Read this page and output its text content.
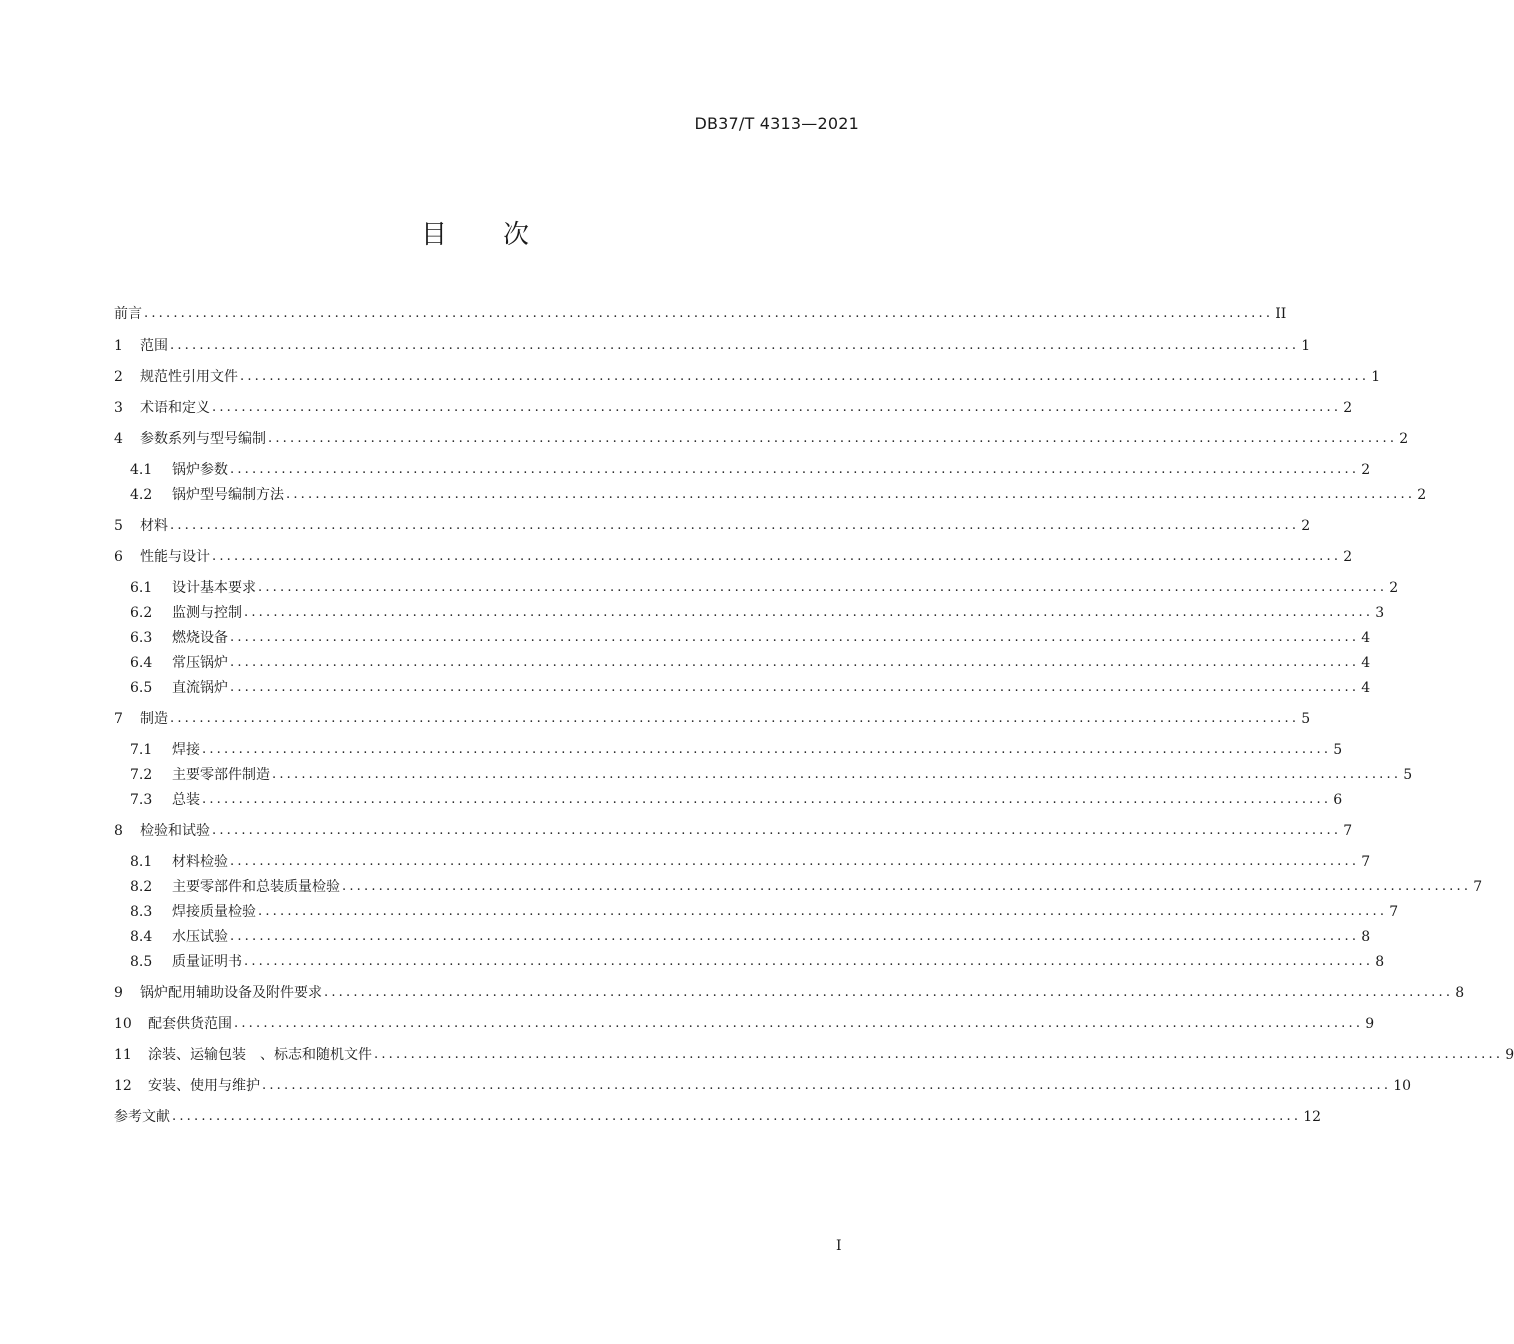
DB37/T 4313—2021
目 次
前言 .......................................................................................................................................................... II
1	范围 .......................................................................................................................................................... 1
2	规范性引用文件 .......................................................................................................................................................... 1
3	术语和定义 .......................................................................................................................................................... 2
4	参数系列与型号编制 .......................................................................................................................................................... 2
4.1	锅炉参数 .......................................................................................................................................................... 2
4.2	锅炉型号编制方法 .......................................................................................................................................................... 2
5	材料 .......................................................................................................................................................... 2
6	性能与设计 .......................................................................................................................................................... 2
6.1	设计基本要求 .......................................................................................................................................................... 2
6.2	监测与控制 .......................................................................................................................................................... 3
6.3	燃烧设备 .......................................................................................................................................................... 4
6.4	常压锅炉 .......................................................................................................................................................... 4
6.5	直流锅炉 .......................................................................................................................................................... 4
7	制造 .......................................................................................................................................................... 5
7.1	焊接 .......................................................................................................................................................... 5
7.2	主要零部件制造 .......................................................................................................................................................... 5
7.3	总装 .......................................................................................................................................................... 6
8	检验和试验 .......................................................................................................................................................... 7
8.1	材料检验 .......................................................................................................................................................... 7
8.2	主要零部件和总装质量检验 .......................................................................................................................................................... 7
8.3	焊接质量检验 .......................................................................................................................................................... 7
8.4	水压试验 .......................................................................................................................................................... 8
8.5	质量证明书 .......................................................................................................................................................... 8
9	锅炉配用辅助设备及附件要求 .......................................................................................................................................................... 8
10	配套供货范围 .......................................................................................................................................................... 9
11	涂装、运输包装　、标志和随机文件 .......................................................................................................................................................... 9
12	安装、使用与维护 .......................................................................................................................................................... 10
参考文献 .......................................................................................................................................................... 12
I
